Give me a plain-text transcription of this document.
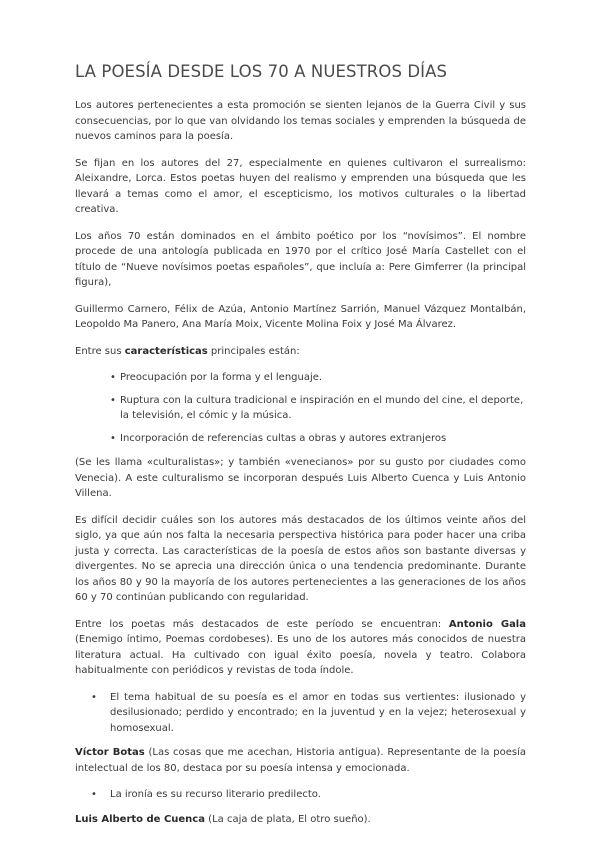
LA POESÍA DESDE LOS 70 A NUESTROS DÍAS

Los autores pertenecientes a esta promoción se sienten lejanos de la Guerra Civil y sus consecuencias, por lo que van olvidando los temas sociales y emprenden la búsqueda de nuevos caminos para la poesía.

Se fijan en los autores del 27, especialmente en quienes cultivaron el surrealismo: Aleixandre, Lorca. Estos poetas huyen del realismo y emprenden una búsqueda que les llevará a temas como el amor, el escepticismo, los motivos culturales o la libertad creativa.

Los años 70 están dominados en el ámbito poético por los “novísimos”. El nombre procede de una antología publicada en 1970 por el crítico José María Castellet con el título de “Nueve novísimos poetas españoles”, que incluía a: Pere Gimferrer (la principal figura),

Guillermo Carnero, Félix de Azúa, Antonio Martínez Sarrión, Manuel Vázquez Montalbán, Leopoldo Ma Panero, Ana María Moix, Vicente Molina Foix y José Ma Álvarez.

Entre sus características principales están:

• Preocupación por la forma y el lenguaje.
• Ruptura con la cultura tradicional e inspiración en el mundo del cine, el deporte, la televisión, el cómic y la música.
• Incorporación de referencias cultas a obras y autores extranjeros

(Se les llama «culturalistas»; y también «venecianos» por su gusto por ciudades como Venecia). A este culturalismo se incorporan después Luis Alberto Cuenca y Luis Antonio Villena.

Es difícil decidir cuáles son los autores más destacados de los últimos veinte años del siglo, ya que aún nos falta la necesaria perspectiva histórica para poder hacer una criba justa y correcta. Las características de la poesía de estos años son bastante diversas y divergentes. No se aprecia una dirección única o una tendencia predominante. Durante los años 80 y 90 la mayoría de los autores pertenecientes a las generaciones de los años 60 y 70 continúan publicando con regularidad.

Entre los poetas más destacados de este período se encuentran: Antonio Gala (Enemigo íntimo, Poemas cordobeses). Es uno de los autores más conocidos de nuestra literatura actual. Ha cultivado con igual éxito poesía, novela y teatro. Colabora habitualmente con periódicos y revistas de toda índole.

• El tema habitual de su poesía es el amor en todas sus vertientes: ilusionado y desilusionado; perdido y encontrado; en la juventud y en la vejez; heterosexual y homosexual.

Víctor Botas (Las cosas que me acechan, Historia antigua). Representante de la poesía intelectual de los 80, destaca por su poesía intensa y emocionada.

• La ironía es su recurso literario predilecto.

Luis Alberto de Cuenca (La caja de plata, El otro sueño).
